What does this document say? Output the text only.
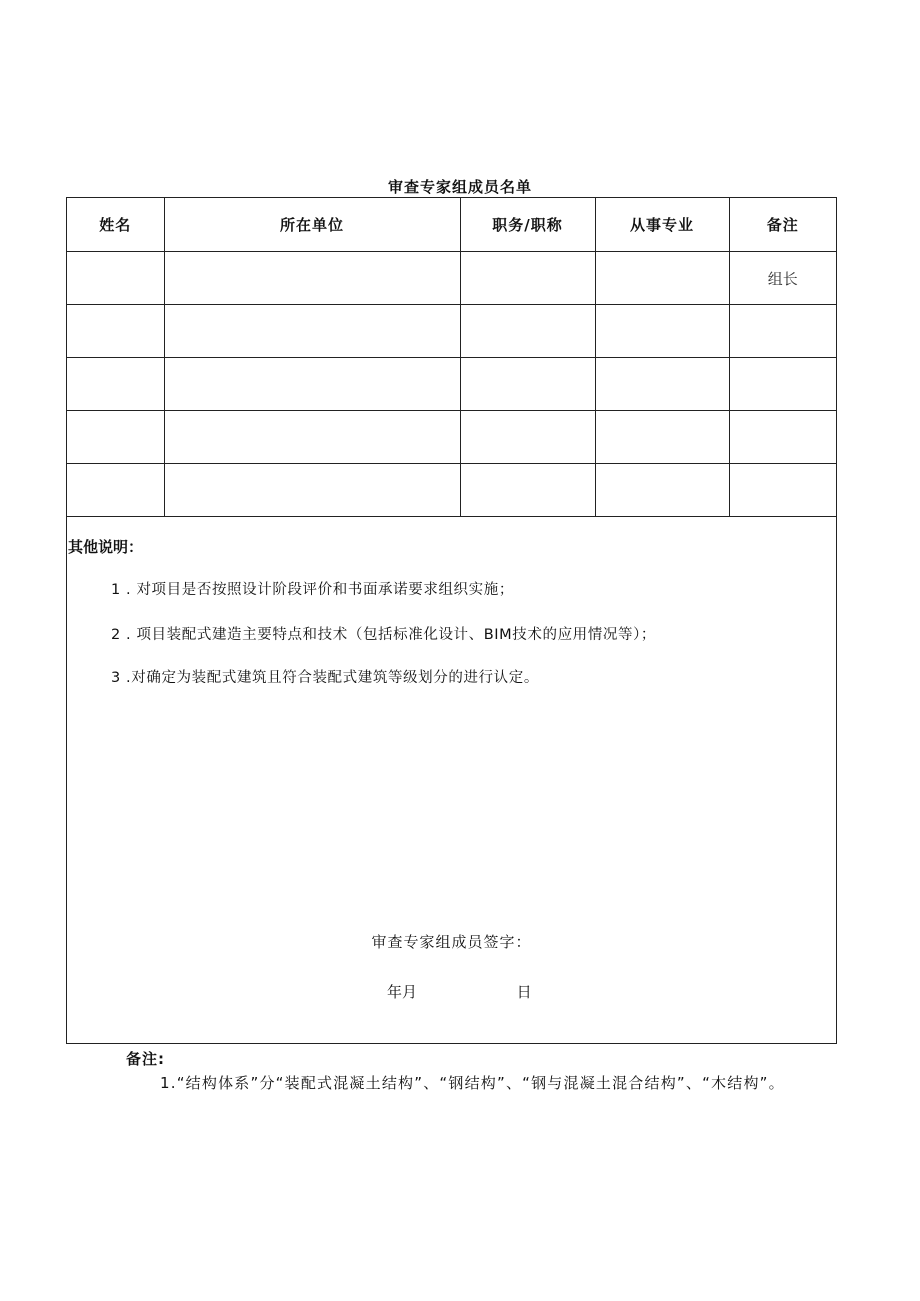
审查专家组成员名单
姓名	所在单位	职务/职称	从事专业	备注
				组长

其他说明：
1 . 对项目是否按照设计阶段评价和书面承诺要求组织实施；
2 . 项目装配式建造主要特点和技术（包括标准化设计、BIM技术的应用情况等）；
3 .对确定为装配式建筑且符合装配式建筑等级划分的进行认定。
审查专家组成员签字：
年月	日
备注:
1.“结构体系”分“装配式混凝土结构”、“钢结构”、“钢与混凝土混合结构”、“木结构”。
